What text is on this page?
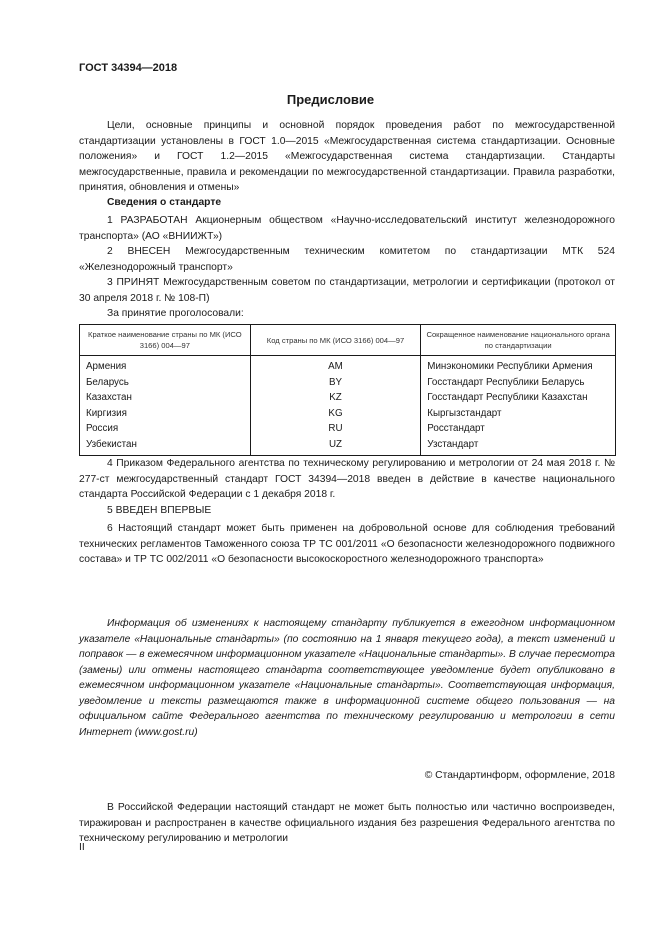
ГОСТ 34394—2018
Предисловие
Цели, основные принципы и основной порядок проведения работ по межгосударственной стандартизации установлены в ГОСТ 1.0—2015 «Межгосударственная система стандартизации. Основные положения» и ГОСТ 1.2—2015 «Межгосударственная система стандартизации. Стандарты межгосударственные, правила и рекомендации по межгосударственной стандартизации. Правила разработки, принятия, обновления и отмены»
Сведения о стандарте
1 РАЗРАБОТАН Акционерным обществом «Научно-исследовательский институт железнодорожного транспорта» (АО «ВНИИЖТ»)
2 ВНЕСЕН Межгосударственным техническим комитетом по стандартизации МТК 524 «Железнодорожный транспорт»
3 ПРИНЯТ Межгосударственным советом по стандартизации, метрологии и сертификации (протокол от 30 апреля 2018 г. № 108-П)
За принятие проголосовали:
Краткое наименование страны по МК (ИСО 3166) 004—97	Код страны по МК (ИСО 3166) 004—97	Сокращенное наименование национального органа по стандартизации
Армения	AM	Минэкономики Республики Армения
Беларусь	BY	Госстандарт Республики Беларусь
Казахстан	KZ	Госстандарт Республики Казахстан
Киргизия	KG	Кыргызстандарт
Россия	RU	Росстандарт
Узбекистан	UZ	Узстандарт
4 Приказом Федерального агентства по техническому регулированию и метрологии от 24 мая 2018 г. № 277-ст межгосударственный стандарт ГОСТ 34394—2018 введен в действие в качестве национального стандарта Российской Федерации с 1 декабря 2018 г.
5 ВВЕДЕН ВПЕРВЫЕ
6 Настоящий стандарт может быть применен на добровольной основе для соблюдения требований технических регламентов Таможенного союза ТР ТС 001/2011 «О безопасности железнодорожного подвижного состава» и ТР ТС 002/2011 «О безопасности высокоскоростного железнодорожного транспорта»
Информация об изменениях к настоящему стандарту публикуется в ежегодном информационном указателе «Национальные стандарты» (по состоянию на 1 января текущего года), а текст изменений и поправок — в ежемесячном информационном указателе «Национальные стандарты». В случае пересмотра (замены) или отмены настоящего стандарта соответствующее уведомление будет опубликовано в ежемесячном информационном указателе «Национальные стандарты». Соответствующая информация, уведомление и тексты размещаются также в информационной системе общего пользования — на официальном сайте Федерального агентства по техническому регулированию и метрологии в сети Интернет (www.gost.ru)
© Стандартинформ, оформление, 2018
В Российской Федерации настоящий стандарт не может быть полностью или частично воспроизведен, тиражирован и распространен в качестве официального издания без разрешения Федерального агентства по техническому регулированию и метрологии
II
